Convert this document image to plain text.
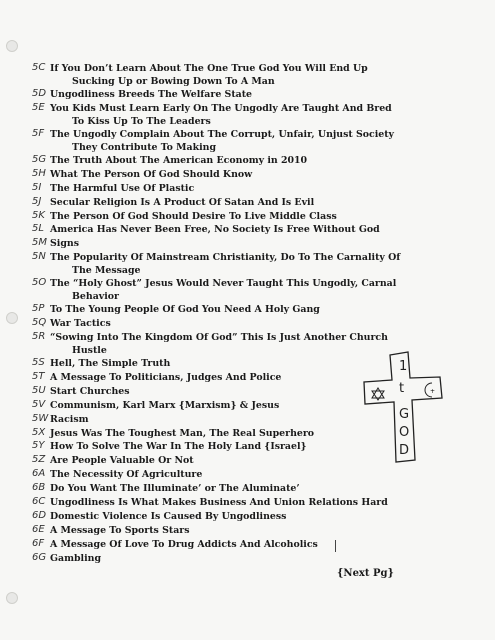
5C If You Don’t Learn About The One True God You Will End Up
Sucking Up or Bowing Down To A Man
5D Ungodliness Breeds The Welfare State
5E You Kids Must Learn Early On The Ungodly Are Taught And Bred
To Kiss Up To The Leaders
5F The Ungodly Complain About The Corrupt, Unfair, Unjust Society
They Contribute To Making
5G The Truth About The American Economy in 2010
5H What The Person Of God Should Know
5I The Harmful Use Of Plastic
5J Secular Religion Is A Product Of Satan And Is Evil
5K The Person Of God Should Desire To Live Middle Class
5L America Has Never Been Free, No Society Is Free Without God
5M Signs
5N The Popularity Of Mainstream Christianity, Do To The Carnality Of
The Message
5O The “Holy Ghost” Jesus Would Never Taught This Ungodly, Carnal
Behavior
5P To The Young People Of God You Need A Holy Gang
5Q War Tactics
5R “Sowing Into The Kingdom Of God” This Is Just Another Church
Hustle
5S Hell, The Simple Truth
5T A Message To Politicians, Judges And Police
5U Start Churches
5V Communism, Karl Marx {Marxism} & Jesus
5W Racism
5X Jesus Was The Toughest Man, The Real Superhero
5Y How To Solve The War In The Holy Land {Israel}
5Z Are People Valuable Or Not
6A The Necessity Of Agriculture
6B Do You Want The Illuminate’ or The Aluminate’
6C Ungodliness Is What Makes Business And Union Relations Hard
6D Domestic Violence Is Caused By Ungodliness
6E A Message To Sports Stars
6F A Message Of Love To Drug Addicts And Alcoholics
6G Gambling
+
1
t
G
O
D
{Next Pg}
